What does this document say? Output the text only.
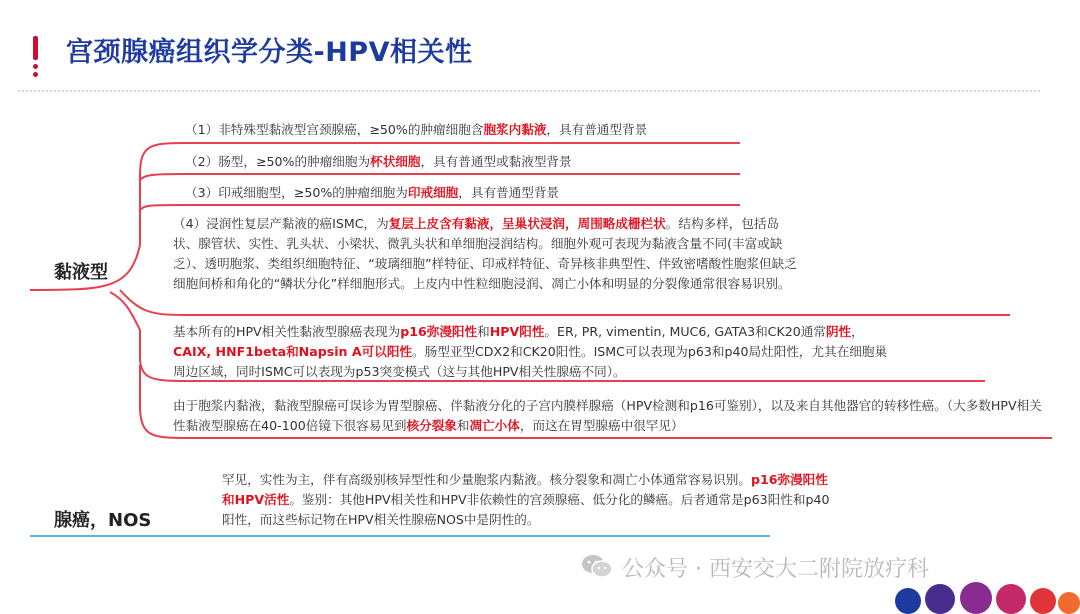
宫颈腺癌组织学分类-HPV相关性
（1）非特殊型黏液型宫颈腺癌，≥50%的肿瘤细胞含胞浆内黏液，具有普通型背景
（2）肠型，≥50%的肿瘤细胞为杯状细胞，具有普通型或黏液型背景
（3）印戒细胞型，≥50%的肿瘤细胞为印戒细胞，具有普通型背景
（4）浸润性复层产黏液的癌ISMC，为复层上皮含有黏液，呈巢状浸润，周围略成栅栏状。结构多样，包括岛状、腺管状、实性、乳头状、小梁状、微乳头状和单细胞浸润结构。细胞外观可表现为黏液含量不同(丰富或缺乏）、透明胞浆、类组织细胞特征、“玻璃细胞”样特征、印戒样特征、奇异核非典型性、伴致密嗜酸性胞浆但缺乏细胞间桥和角化的“鳞状分化”样细胞形式。上皮内中性粒细胞浸润、凋亡小体和明显的分裂像通常很容易识别。
基本所有的HPV相关性黏液型腺癌表现为p16弥漫阳性和HPV阳性。ER, PR, vimentin, MUC6, GATA3和CK20通常阴性，CAIX, HNF1beta和Napsin A可以阳性。肠型亚型CDX2和CK20阳性。ISMC可以表现为p63和p40局灶阳性，尤其在细胞巢周边区域，同时ISMC可以表现为p53突变模式（这与其他HPV相关性腺癌不同）。
由于胞浆内黏液，黏液型腺癌可误诊为胃型腺癌、伴黏液分化的子宫内膜样腺癌（HPV检测和p16可鉴别），以及来自其他器官的转移性癌。（大多数HPV相关性黏液型腺癌在40-100倍镜下很容易见到核分裂象和凋亡小体，而这在胃型腺癌中很罕见）
黏液型
罕见，实性为主，伴有高级别核异型性和少量胞浆内黏液。核分裂象和凋亡小体通常容易识别。p16弥漫阳性和HPV活性。鉴别：其他HPV相关性和HPV非依赖性的宫颈腺癌、低分化的鳞癌。后者通常是p63阳性和p40阳性，而这些标记物在HPV相关性腺癌NOS中是阴性的。
腺癌，NOS
公众号 · 西安交大二附院放疗科
